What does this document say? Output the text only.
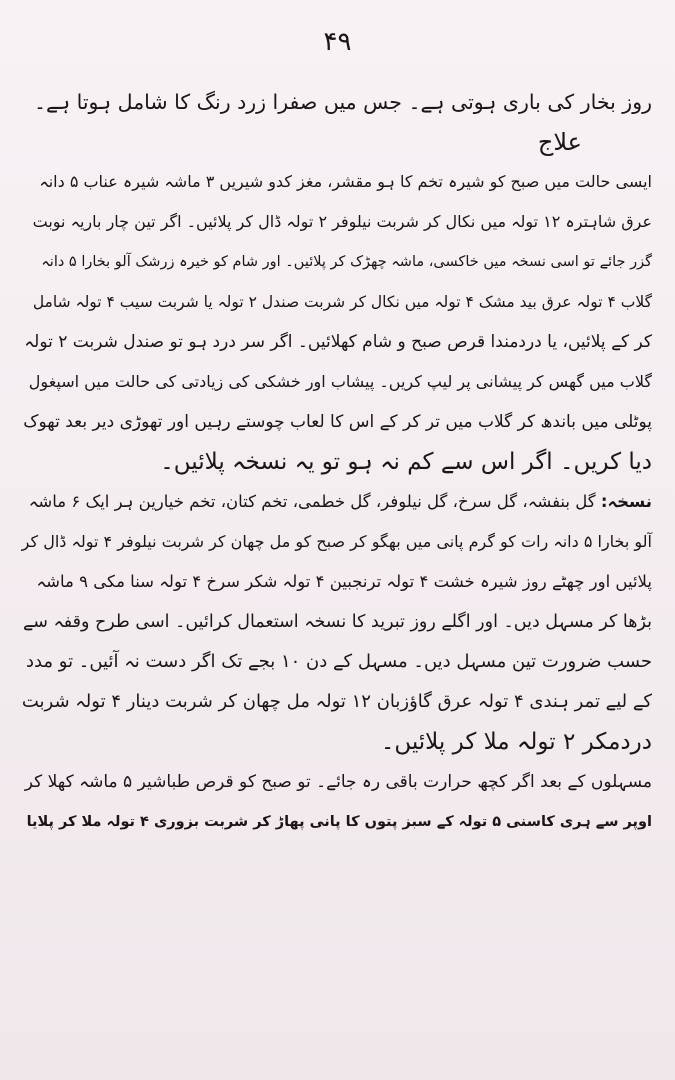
۴۹
روز بخار کی باری ہوتی ہے۔ جس میں صفرا زرد رنگ کا شامل ہوتا ہے۔
علاج
ایسی حالت میں صبح کو شیرہ تخم کا ہو مقشر، مغز کدو شیریں ۳ ماشہ شیرہ عناب ۵ دانہ
عرق شاہترہ ۱۲ تولہ میں نکال کر شربت نیلوفر ۲ تولہ ڈال کر پلائیں۔ اگر تین چار باریہ نوبت
گزر جائے تو اسی نسخہ میں خاکسی، ماشہ چھڑک کر پلائیں۔ اور شام کو خیرہ زرشک آلو بخارا ۵ دانہ
گلاب ۴ تولہ عرق بید مشک ۴ تولہ میں نکال کر شربت صندل ۲ تولہ یا شربت سیب ۴ تولہ شامل
کر کے پلائیں، یا دردمندا قرص صبح و شام کھلائیں۔ اگر سر درد ہو تو صندل شربت ۲ تولہ
گلاب میں گھس کر پیشانی پر لیپ کریں۔ پیشاب اور خشکی کی زیادتی کی حالت میں اسپغول
پوٹلی میں باندھ کر گلاب میں تر کر کے اس کا لعاب چوستے رہیں اور تھوڑی دیر بعد تھوک
دیا کریں۔ اگر اس سے کم نہ ہو تو یہ نسخہ پلائیں۔
نسخہ: گل بنفشہ، گل سرخ، گل نیلوفر، گل خطمی، تخم کتان، تخم خیارین ہر ایک ۶ ماشہ
آلو بخارا ۵ دانہ رات کو گرم پانی میں بھگو کر صبح کو مل چھان کر شربت نیلوفر ۴ تولہ ڈال کر
پلائیں اور چھٹے روز شیرہ خشت ۴ تولہ ترنجبین ۴ تولہ شکر سرخ ۴ تولہ سنا مکی ۹ ماشہ
بڑھا کر مسہل دیں۔ اور اگلے روز تبرید کا نسخہ استعمال کرائیں۔ اسی طرح وقفہ سے
حسب ضرورت تین مسہل دیں۔ مسہل کے دن ۱۰ بجے تک اگر دست نہ آئیں۔ تو مدد
کے لیے تمر ہندی ۴ تولہ عرق گاؤزبان ۱۲ تولہ مل چھان کر شربت دینار ۴ تولہ شربت
دردمکر ۲ تولہ ملا کر پلائیں۔
مسہلوں کے بعد اگر کچھ حرارت باقی رہ جائے۔ تو صبح کو قرص طباشیر ۵ ماشہ کھلا کر
اوپر سے ہری کاسنی ۵ تولہ کے سبز پتوں کا پانی پھاڑ کر شربت بزوری ۴ تولہ ملا کر پلایا
